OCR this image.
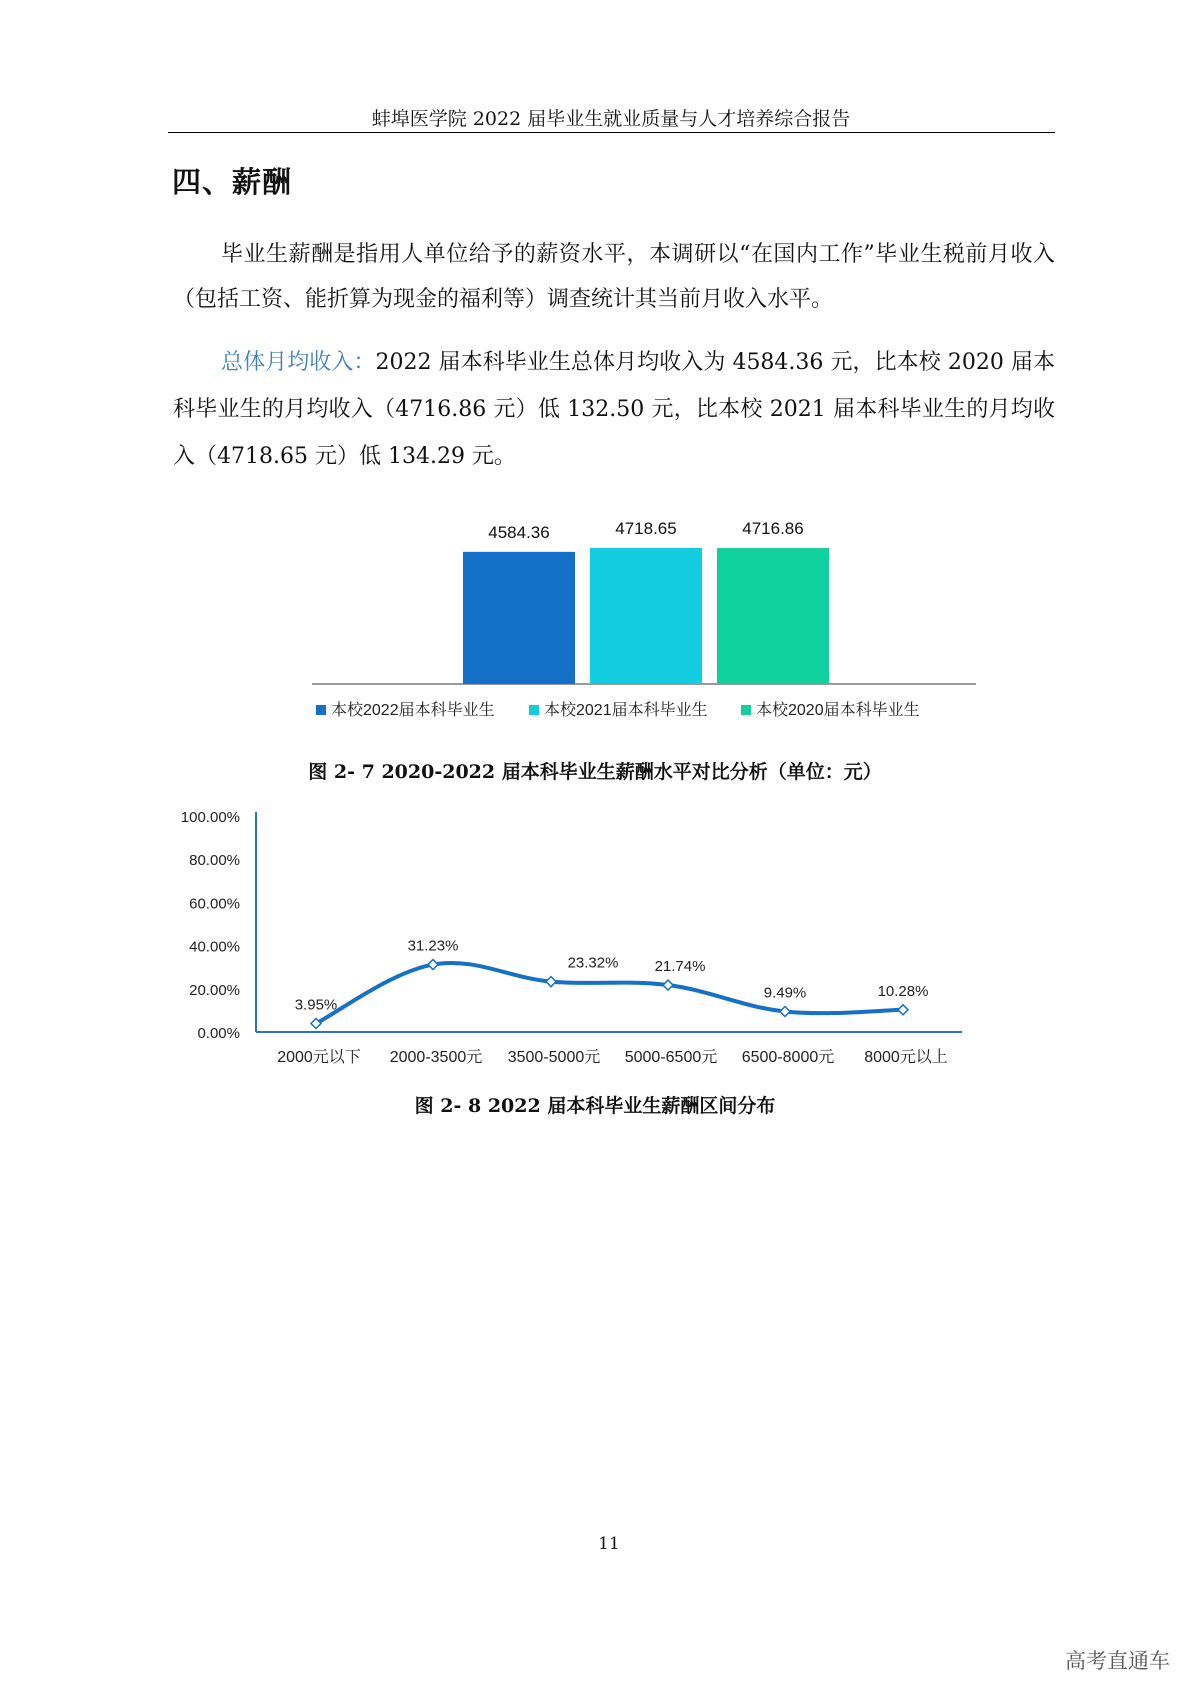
蚌埠医学院 2022 届毕业生就业质量与人才培养综合报告
四、薪酬

毕业生薪酬是指用人单位给予的薪资水平，本调研以“在国内工作”毕业生税前月收入（包括工资、能折算为现金的福利等）调查统计其当前月收入水平。

总体月均收入：2022 届本科毕业生总体月均收入为 4584.36 元，比本校 2020 届本科毕业生的月均收入（4716.86 元）低 132.50 元，比本校 2021 届本科毕业生的月均收入（4718.65 元）低 134.29 元。

4584.36	4718.65	4716.86
本校2022届本科毕业生	本校2021届本科毕业生	本校2020届本科毕业生
图 2- 7 2020-2022 届本科毕业生薪酬水平对比分析（单位：元）
100.00%
80.00%
60.00%
40.00%
20.00%
0.00%
2000元以下 2000-3500元 3500-5000元 5000-6500元 6500-8000元 8000元以上
3.95%
31.23%
23.32% 21.74%
9.49%	10.28%
图 2- 8 2022 届本科毕业生薪酬区间分布
11
高考直通车
